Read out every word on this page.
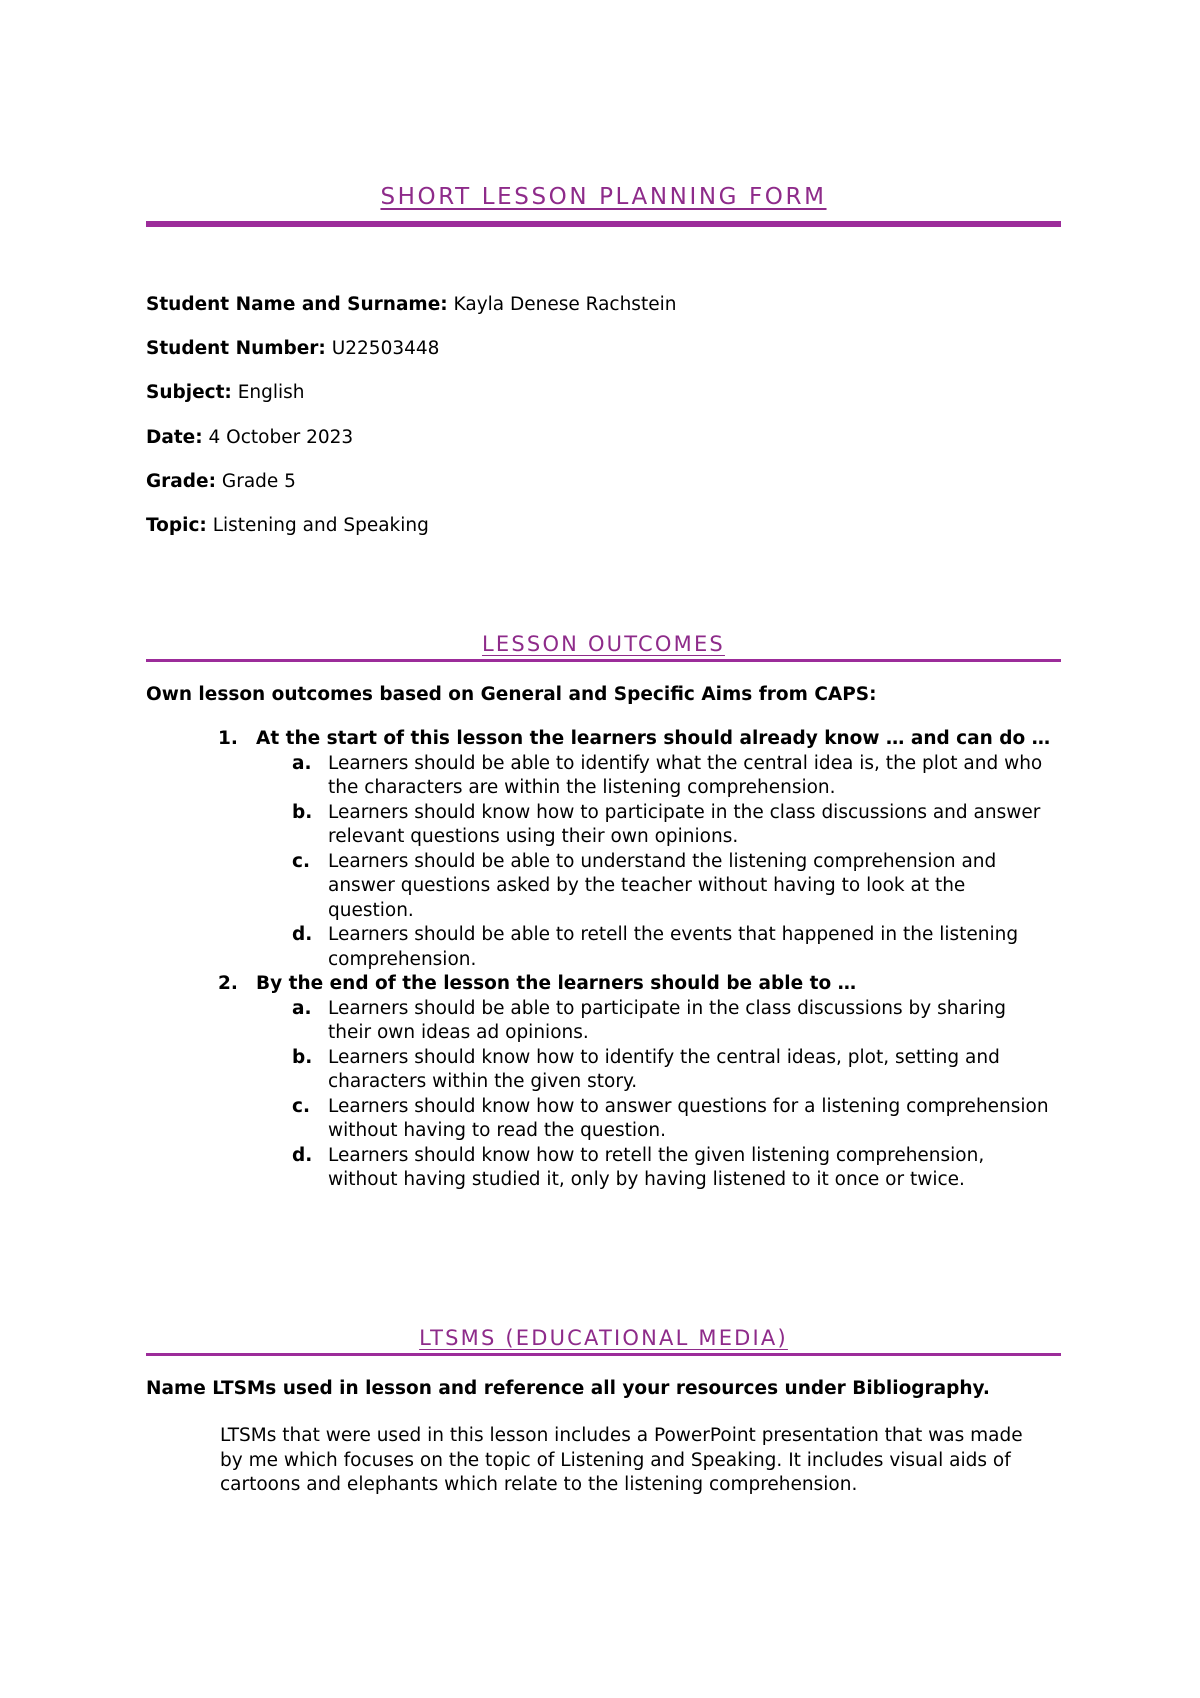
SHORT LESSON PLANNING FORM
Student Name and Surname: Kayla Denese Rachstein
Student Number: U22503448
Subject: English
Date: 4 October 2023
Grade: Grade 5
Topic: Listening and Speaking
LESSON OUTCOMES
Own lesson outcomes based on General and Specific Aims from CAPS:
1. At the start of this lesson the learners should already know … and can do …
a. Learners should be able to identify what the central idea is, the plot and who the characters are within the listening comprehension.
b. Learners should know how to participate in the class discussions and answer relevant questions using their own opinions.
c. Learners should be able to understand the listening comprehension and answer questions asked by the teacher without having to look at the question.
d. Learners should be able to retell the events that happened in the listening comprehension.
2. By the end of the lesson the learners should be able to …
a. Learners should be able to participate in the class discussions by sharing their own ideas ad opinions.
b. Learners should know how to identify the central ideas, plot, setting and characters within the given story.
c. Learners should know how to answer questions for a listening comprehension without having to read the question.
d. Learners should know how to retell the given listening comprehension, without having studied it, only by having listened to it once or twice.
LTSMS (EDUCATIONAL MEDIA)
Name LTSMs used in lesson and reference all your resources under Bibliography.
LTSMs that were used in this lesson includes a PowerPoint presentation that was made by me which focuses on the topic of Listening and Speaking. It includes visual aids of cartoons and elephants which relate to the listening comprehension.
